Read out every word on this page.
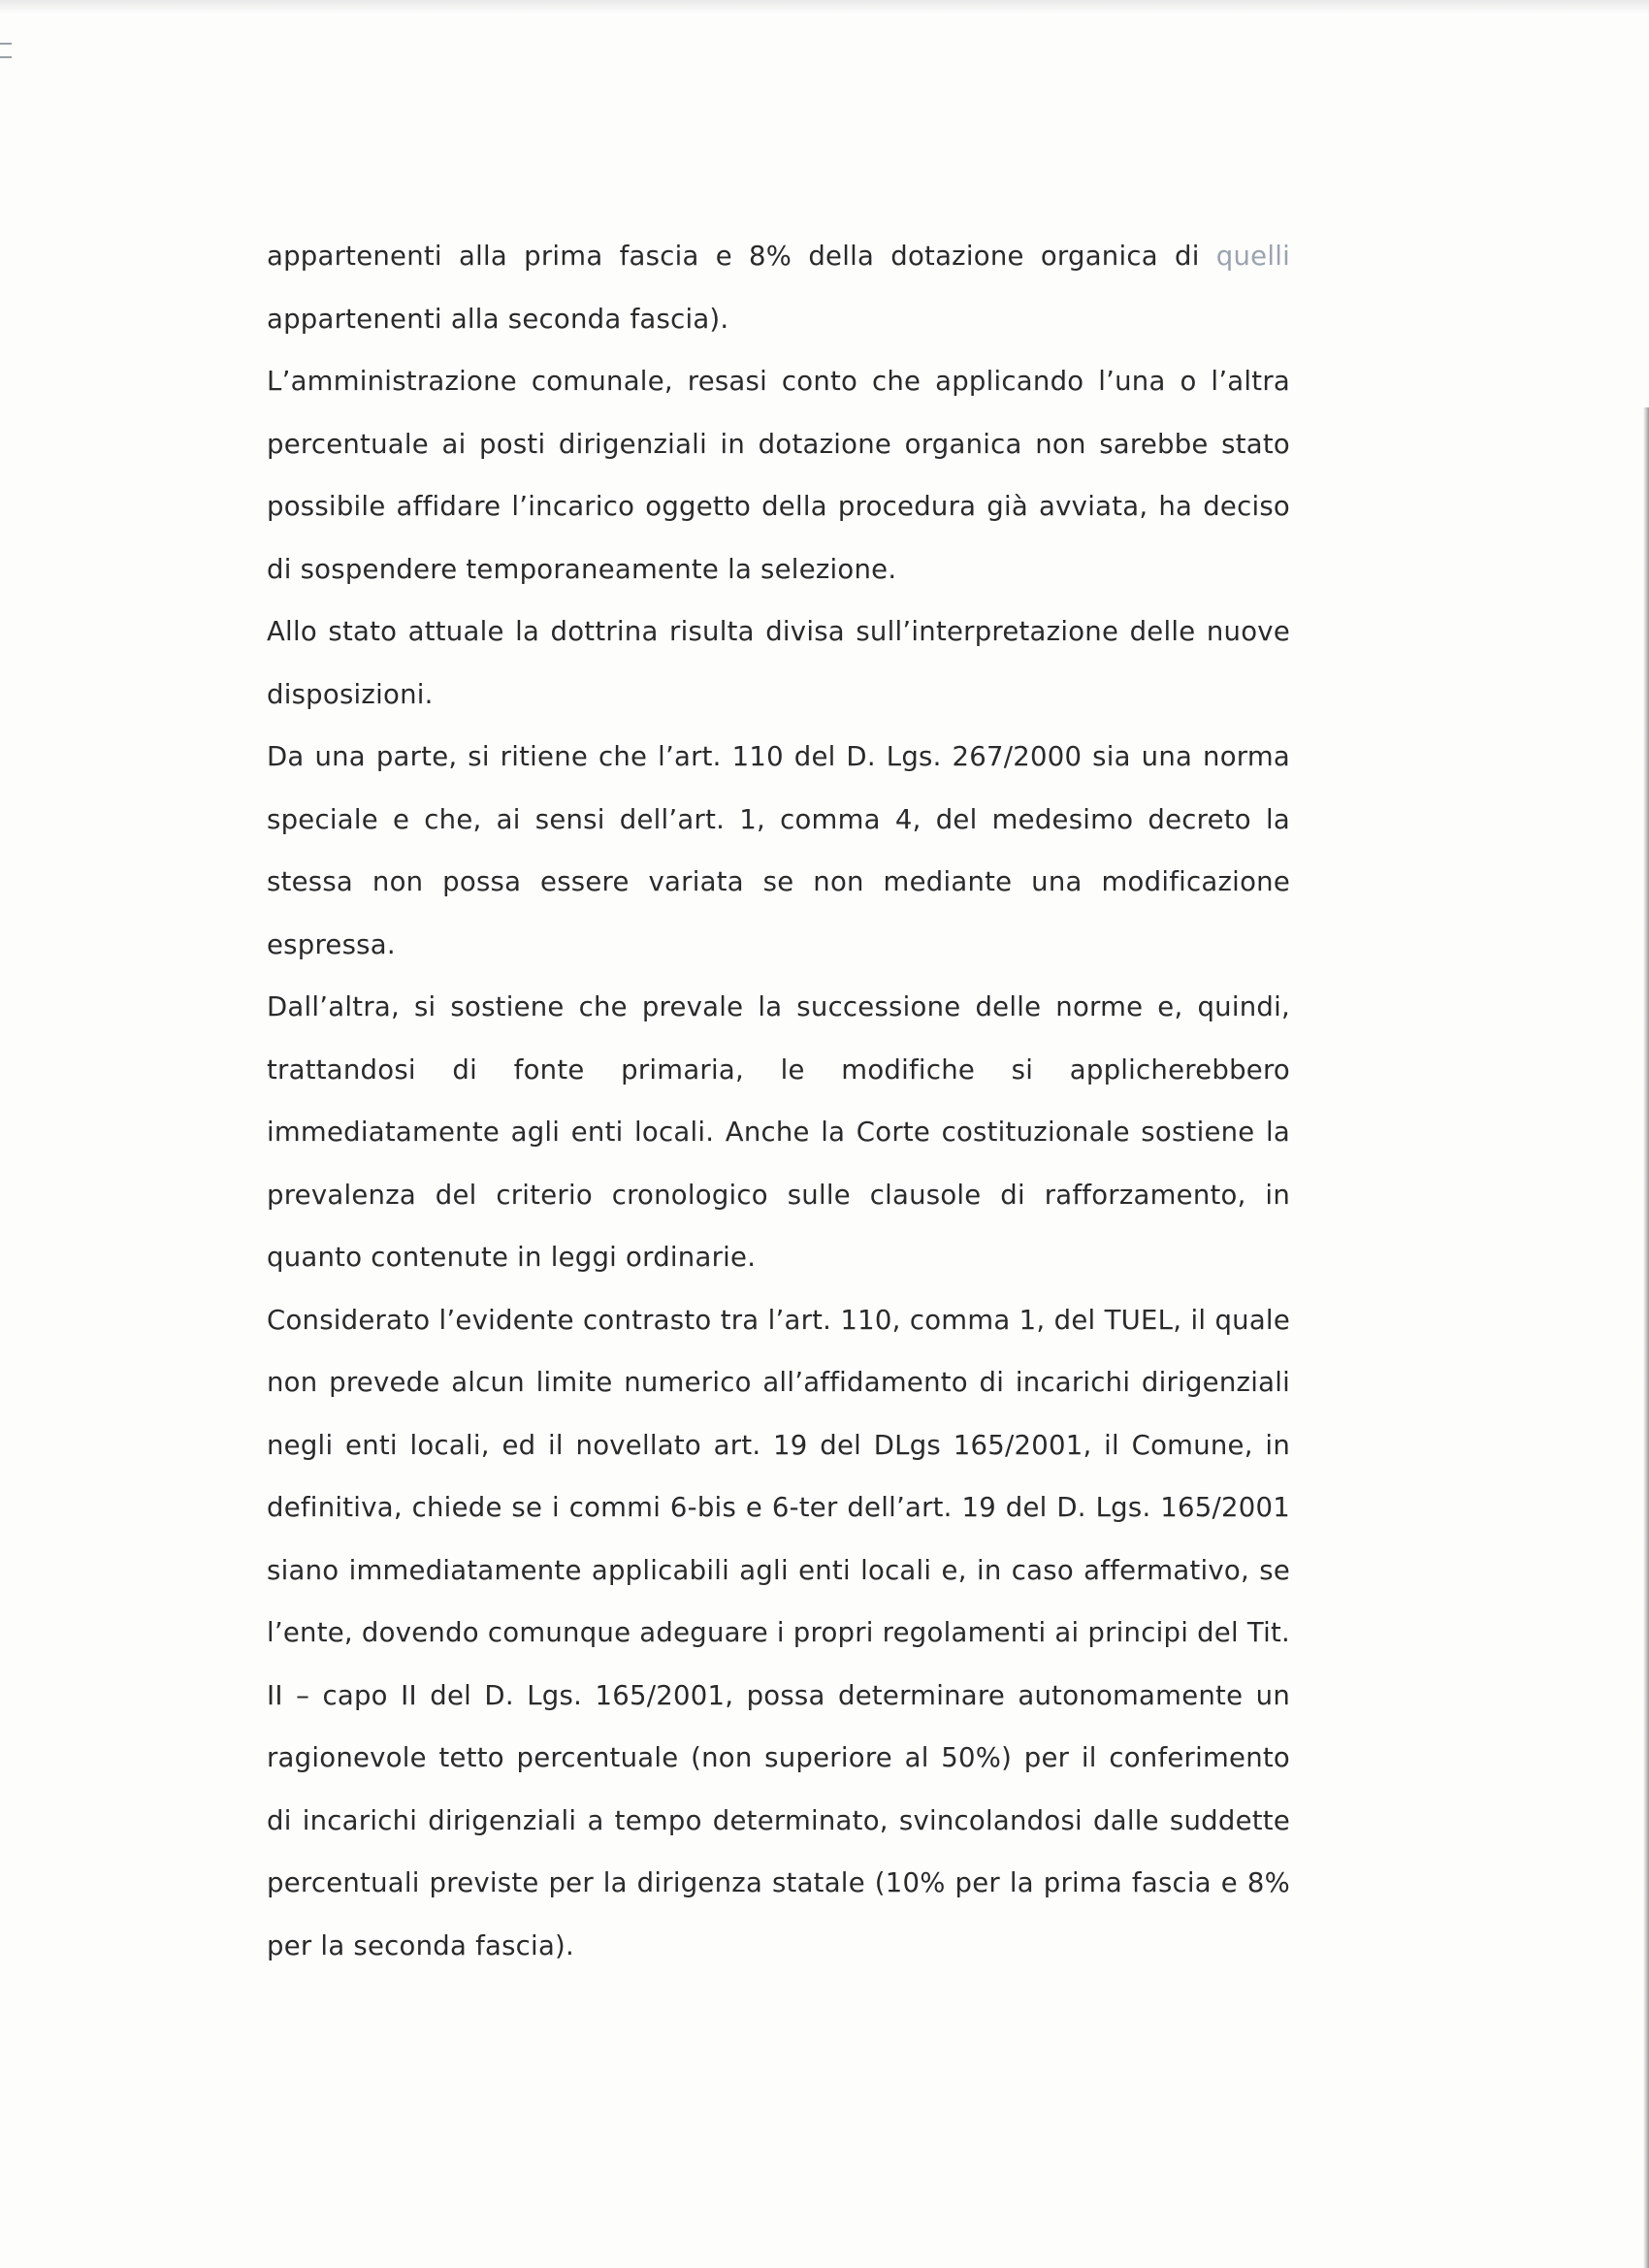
appartenenti alla prima fascia e 8% della dotazione organica di quelli

appartenenti alla seconda fascia).

L’amministrazione comunale, resasi conto che applicando l’una o l’altra percentuale ai posti dirigenziali in dotazione organica non sarebbe stato possibile affidare l’incarico oggetto della procedura già avviata, ha deciso di sospendere temporaneamente la selezione.

Allo stato attuale la dottrina risulta divisa sull’interpretazione delle nuove disposizioni.

Da una parte, si ritiene che l’art. 110 del D. Lgs. 267/2000 sia una norma speciale e che, ai sensi dell’art. 1, comma 4, del medesimo decreto la stessa non possa essere variata se non mediante una modificazione espressa.

Dall’altra, si sostiene che prevale la successione delle norme e, quindi, trattandosi di fonte primaria, le modifiche si applicherebbero immediatamente agli enti locali. Anche la Corte costituzionale sostiene la prevalenza del criterio cronologico sulle clausole di rafforzamento, in quanto contenute in leggi ordinarie.

Considerato l’evidente contrasto tra l’art. 110, comma 1, del TUEL, il quale non prevede alcun limite numerico all’affidamento di incarichi dirigenziali negli enti locali, ed il novellato art. 19 del DLgs 165/2001, il Comune, in definitiva, chiede se i commi 6-bis e 6-ter dell’art. 19 del D. Lgs. 165/2001 siano immediatamente applicabili agli enti locali e, in caso affermativo, se l’ente, dovendo comunque adeguare i propri regolamenti ai principi del Tit. II – capo II del D. Lgs. 165/2001, possa determinare autonomamente un ragionevole tetto percentuale (non superiore al 50%) per il conferimento di incarichi dirigenziali a tempo determinato, svincolandosi dalle suddette percentuali previste per la dirigenza statale (10% per la prima fascia e 8% per la seconda fascia).
